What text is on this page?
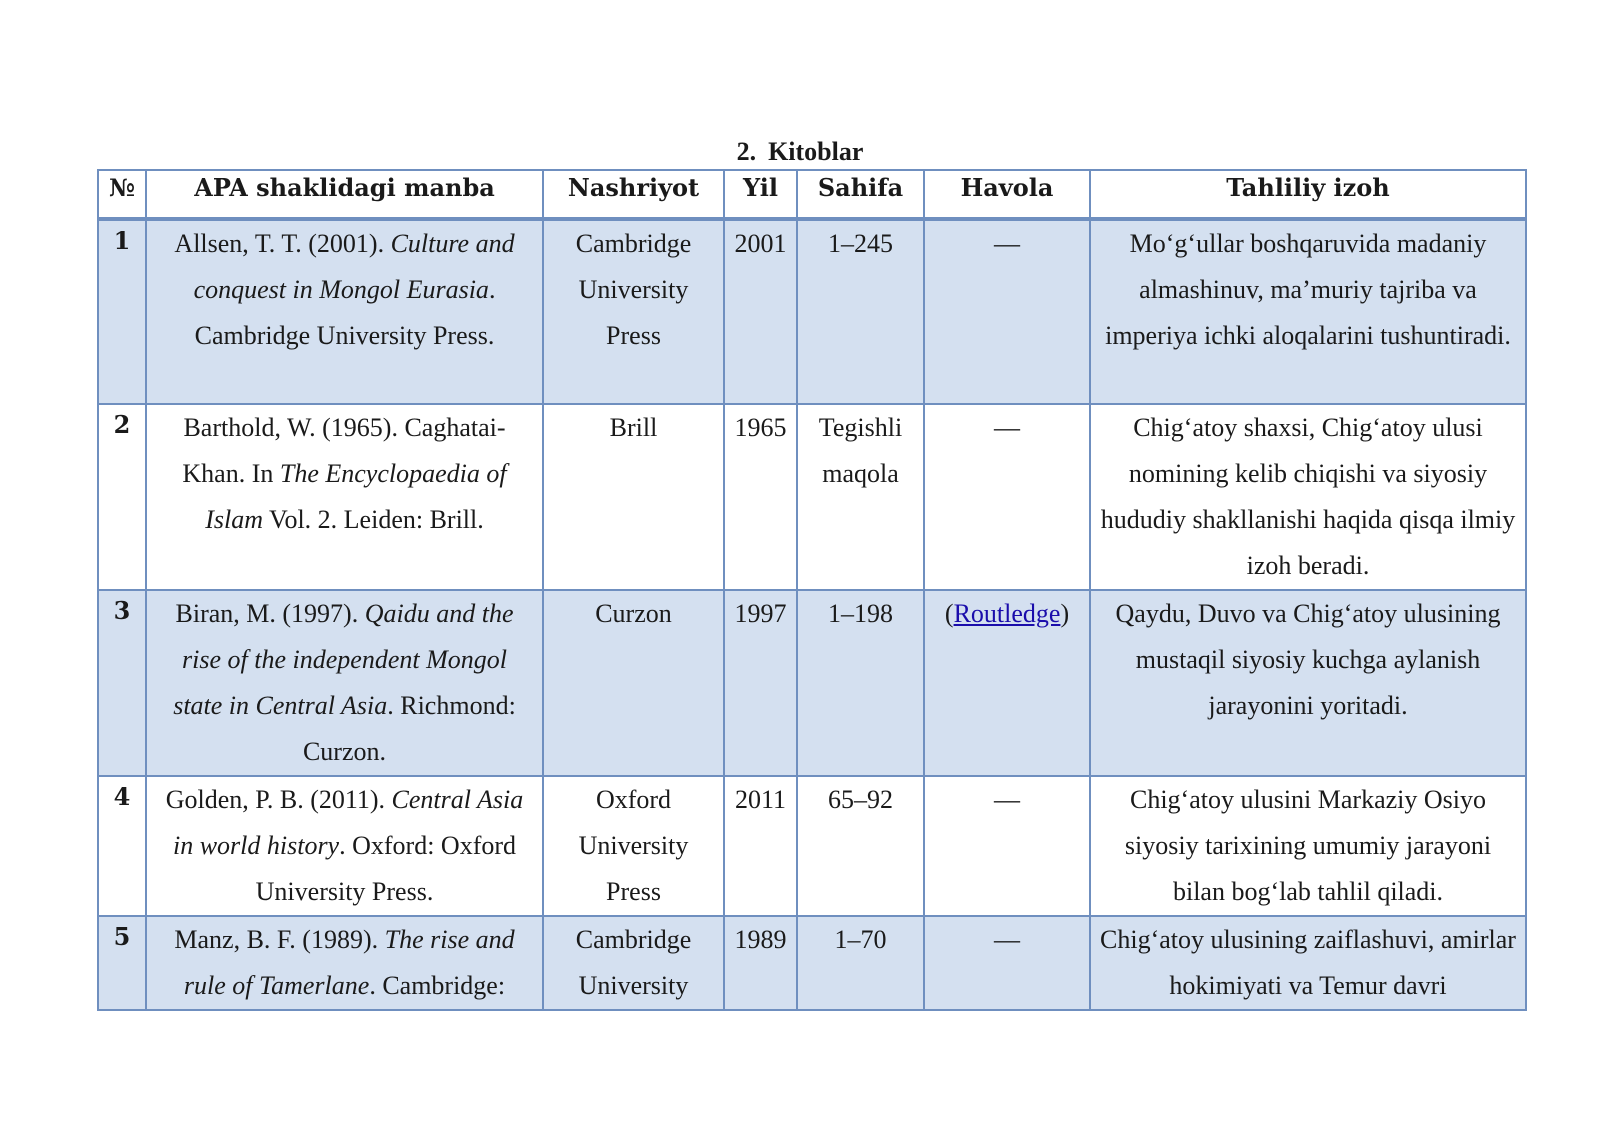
2. Kitoblar
№	APA shaklidagi manba	Nashriyot	Yil	Sahifa	Havola	Tahliliy izoh
1	Allsen, T. T. (2001). Culture and conquest in Mongol Eurasia. Cambridge University Press.	Cambridge University Press	2001	1–245	—	Mo‘g‘ullar boshqaruvida madaniy almashinuv, ma’muriy tajriba va imperiya ichki aloqalarini tushuntiradi.
2	Barthold, W. (1965). Caghatai-Khan. In The Encyclopaedia of Islam Vol. 2. Leiden: Brill.	Brill	1965	Tegishli maqola	—	Chig‘atoy shaxsi, Chig‘atoy ulusi nomining kelib chiqishi va siyosiy hududiy shakllanishi haqida qisqa ilmiy izoh beradi.
3	Biran, M. (1997). Qaidu and the rise of the independent Mongol state in Central Asia. Richmond: Curzon.	Curzon	1997	1–198	(Routledge)	Qaydu, Duvo va Chig‘atoy ulusining mustaqil siyosiy kuchga aylanish jarayonini yoritadi.
4	Golden, P. B. (2011). Central Asia in world history. Oxford: Oxford University Press.	Oxford University Press	2011	65–92	—	Chig‘atoy ulusini Markaziy Osiyo siyosiy tarixining umumiy jarayoni bilan bog‘lab tahlil qiladi.
5	Manz, B. F. (1989). The rise and rule of Tamerlane. Cambridge:	Cambridge University	1989	1–70	—	Chig‘atoy ulusining zaiflashuvi, amirlar hokimiyati va Temur davri
